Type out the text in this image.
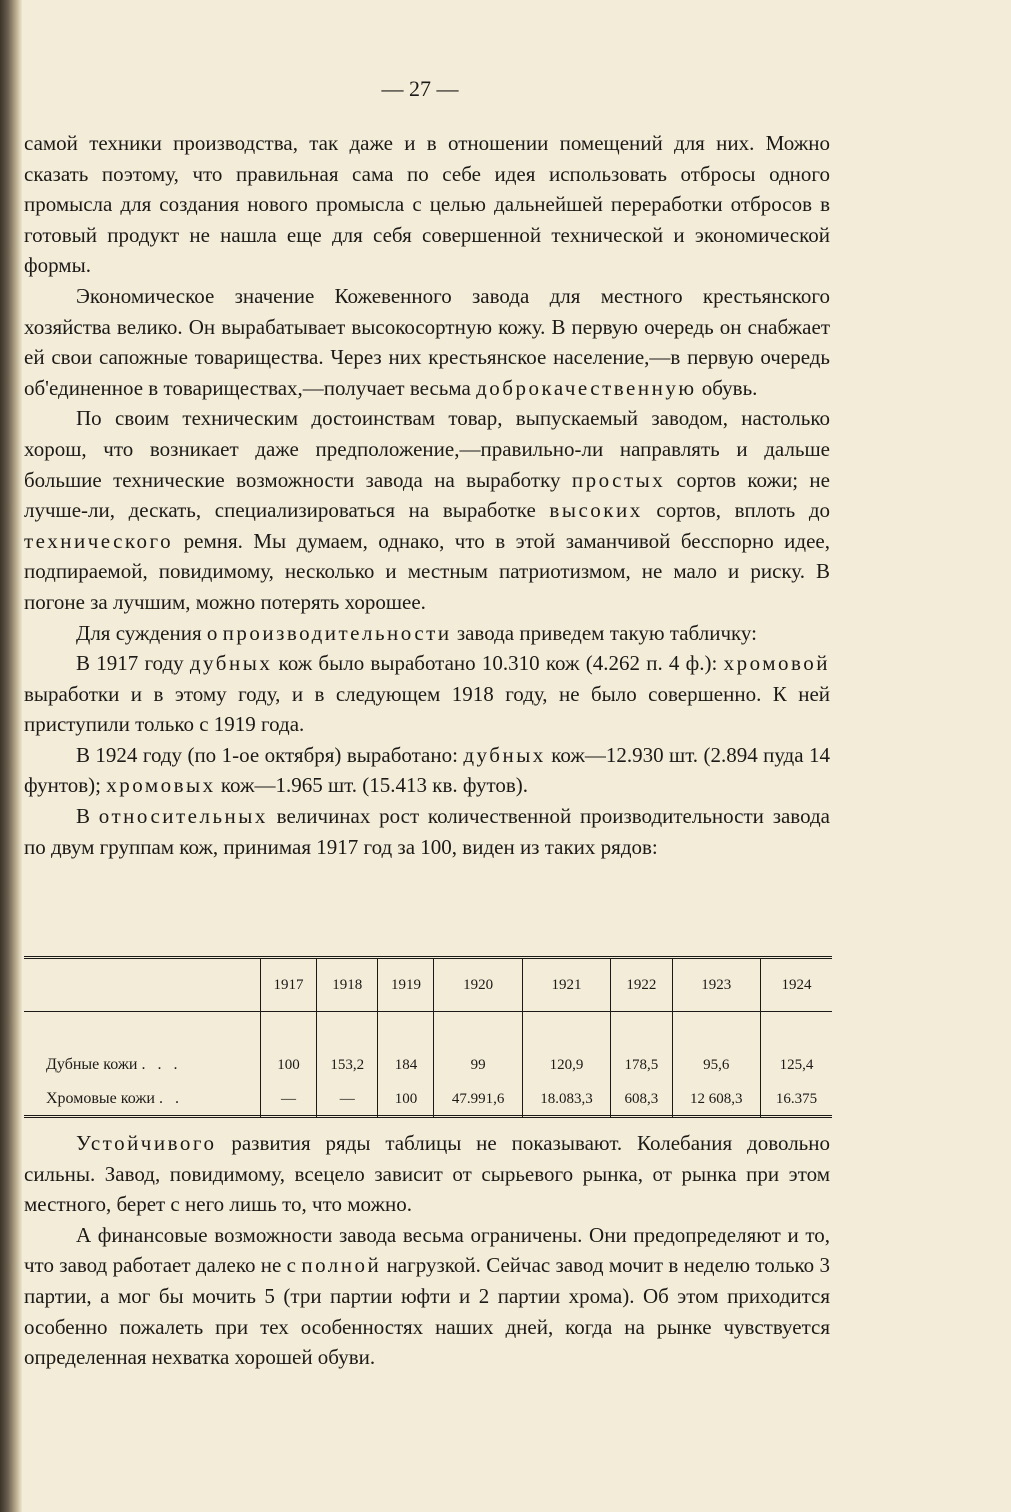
— 27 —

самой техники производства, так даже и в отношении помещений для них. Можно сказать поэтому, что правильная сама по себе идея использовать отбросы одного промысла для создания нового промысла с целью дальнейшей переработки отбросов в готовый продукт не нашла еще для себя совершенной технической и экономической формы.

Экономическое значение Кожевенного завода для местного крестьянского хозяйства велико. Он вырабатывает высокосортную кожу. В первую очередь он снабжает ей свои сапожные товарищества. Через них крестьянское население,—в первую очередь об'единенное в товариществах,—получает весьма доброкачественную обувь.

По своим техническим достоинствам товар, выпускаемый заводом, настолько хорош, что возникает даже предположение,—правильно-ли направлять и дальше большие технические возможности завода на выработку простых сортов кожи; не лучше-ли, дескать, специализироваться на выработке высоких сортов, вплоть до технического ремня. Мы думаем, однако, что в этой заманчивой бесспорно идее, подпираемой, повидимому, несколько и местным патриотизмом, не мало и риску. В погоне за лучшим, можно потерять хорошее.

Для суждения о производительности завода приведем такую табличку:

В 1917 году дубных кож было выработано 10.310 кож (4.262 п. 4 ф.): хромовой выработки и в этому году, и в следующем 1918 году, не было совершенно. К ней приступили только с 1919 года.

В 1924 году (по 1-ое октября) выработано: дубных кож—12.930 шт. (2.894 пуда 14 фунтов); хромовых кож—1.965 шт. (15.413 кв. футов).

В относительных величинах рост количественной производительности завода по двум группам кож, принимая 1917 год за 100, виден из таких рядов:

	1917	1918	1919	1920	1921	1922	1923	1924
Дубные кожи . . .	100	153,2	184	99	120,9	178,5	95,6	125,4
Хромовые кожи . .	—	—	100	47.991,6	18.083,3	608,3	12 608,3	16.375

Устойчивого развития ряды таблицы не показывают. Колебания довольно сильны. Завод, повидимому, всецело зависит от сырьевого рынка, от рынка при этом местного, берет с него лишь то, что можно.

А финансовые возможности завода весьма ограничены. Они предопределяют и то, что завод работает далеко не с полной нагрузкой. Сейчас завод мочит в неделю только 3 партии, а мог бы мочить 5 (три партии юфти и 2 партии хрома). Об этом приходится особенно пожалеть при тех особенностях наших дней, когда на рынке чувствуется определенная нехватка хорошей обуви.
